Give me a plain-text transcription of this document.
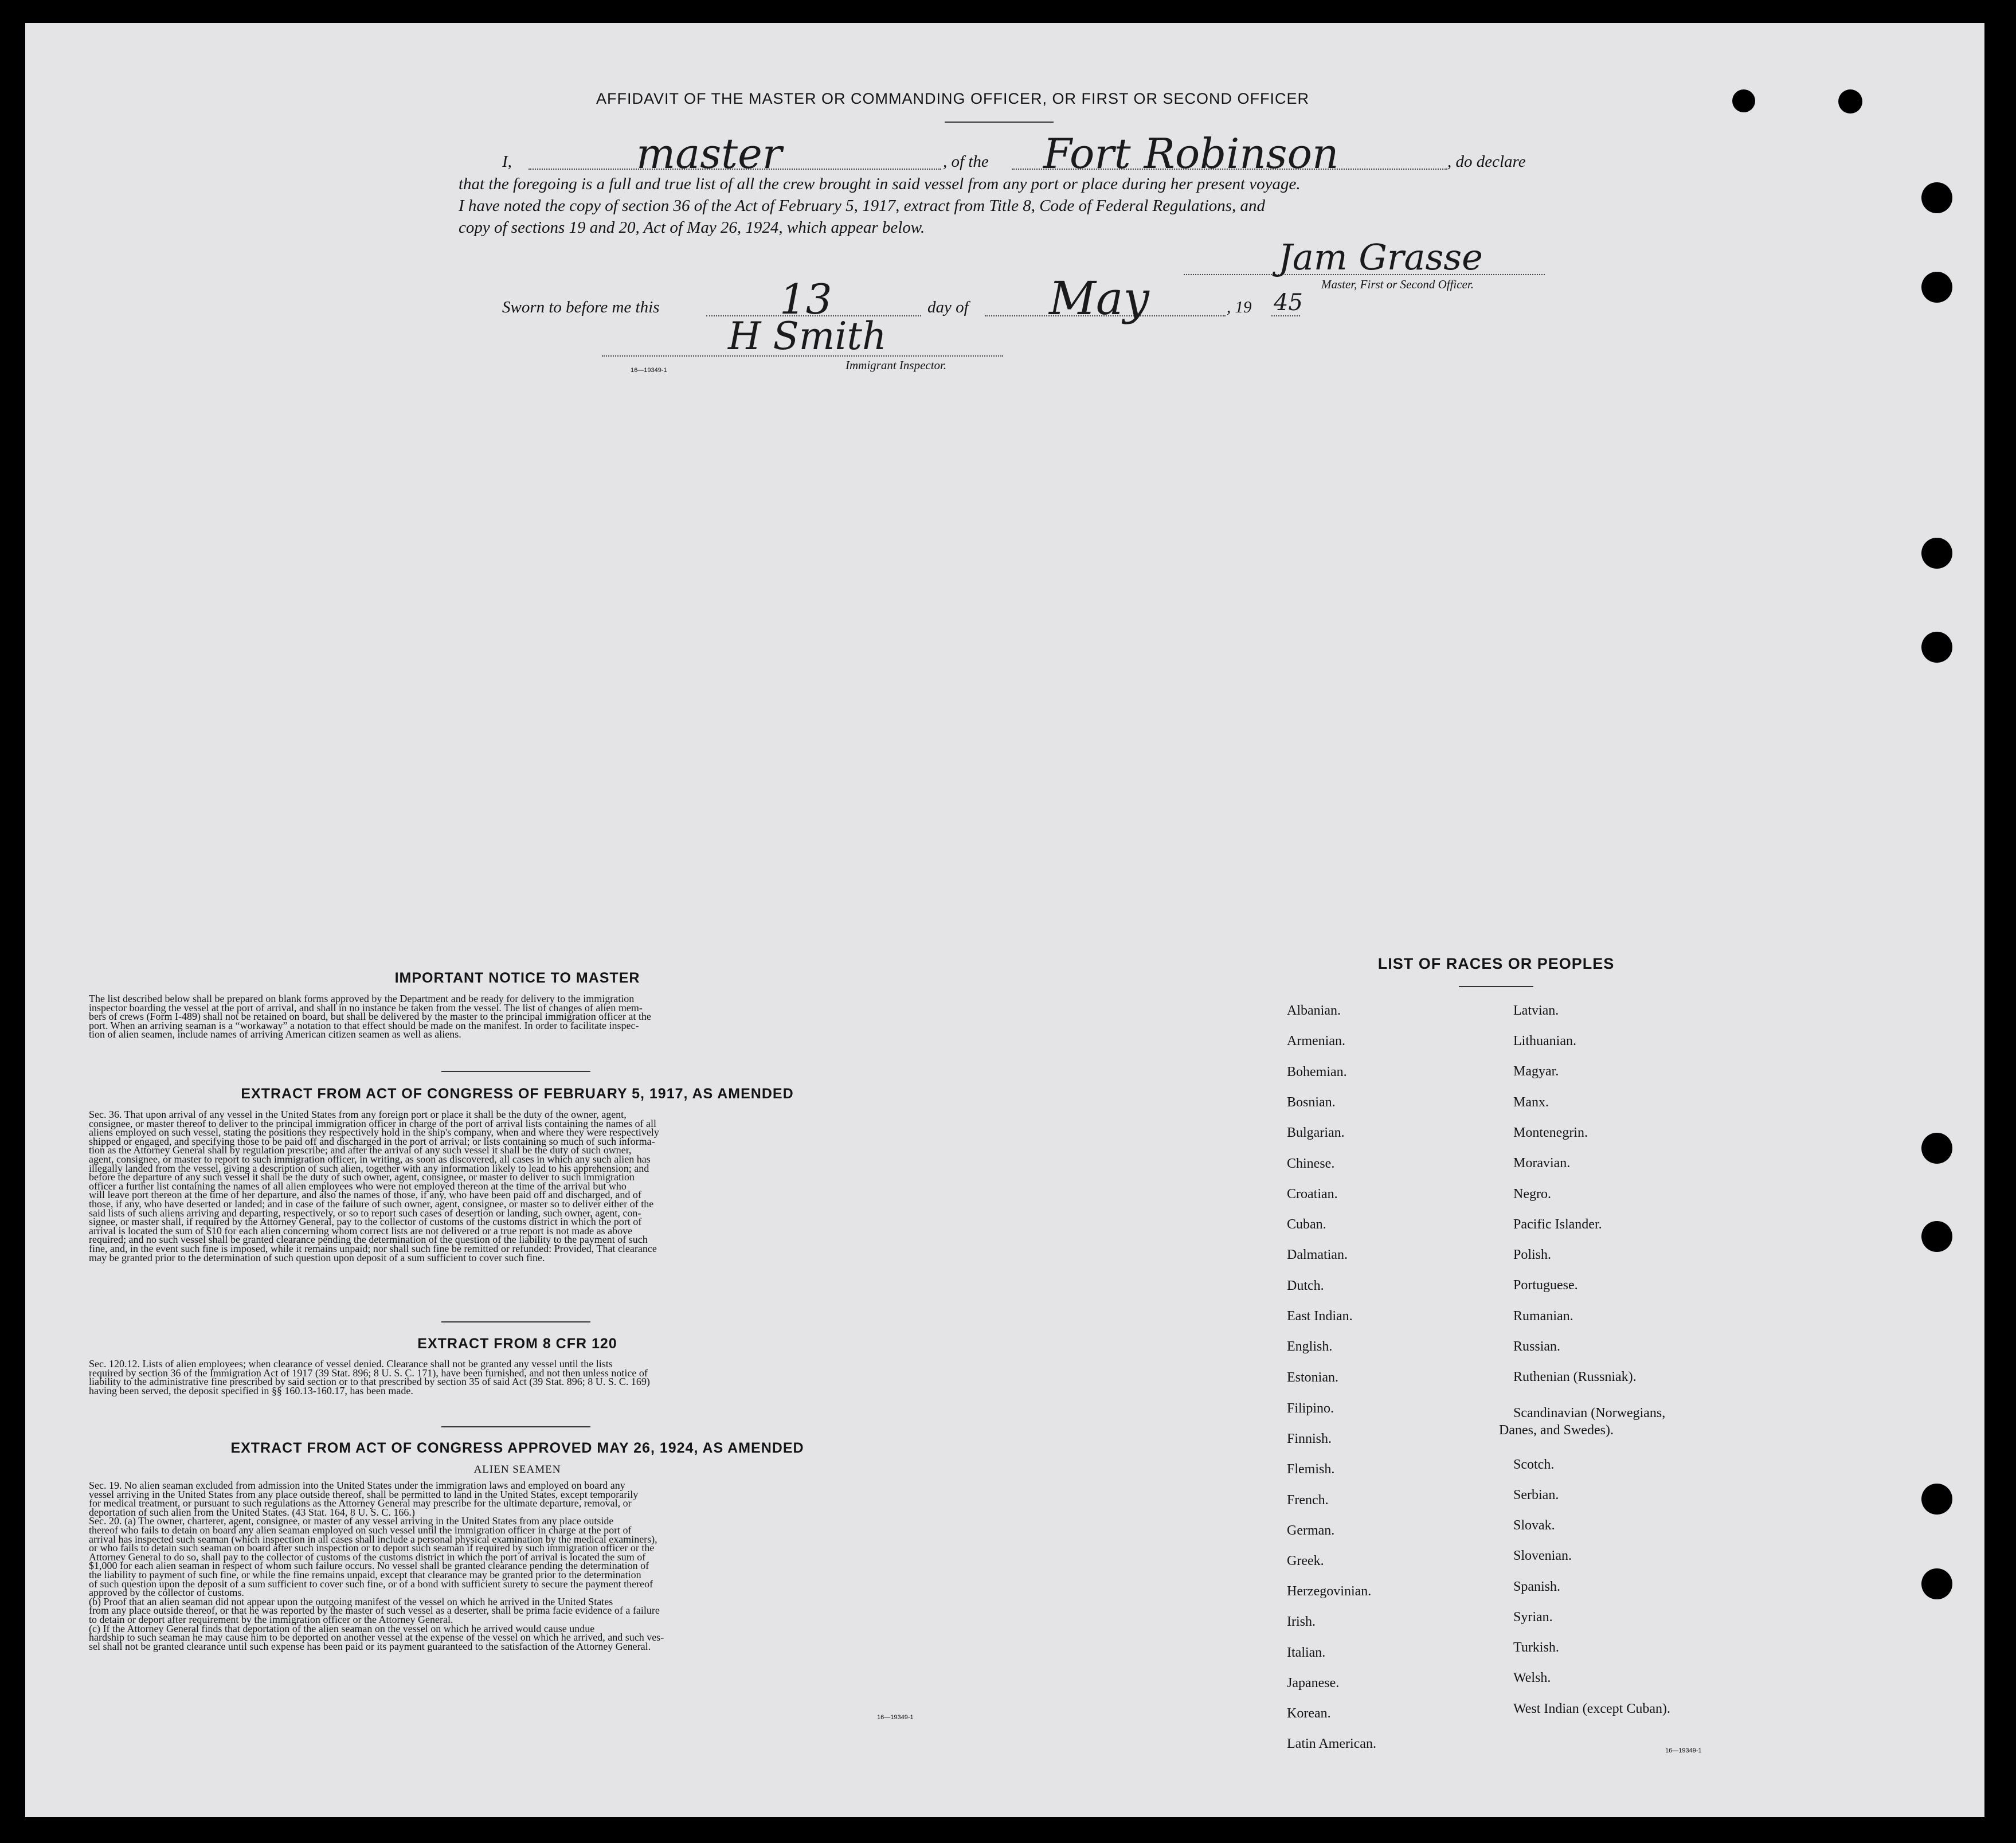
AFFIDAVIT OF THE MASTER OR COMMANDING OFFICER, OR FIRST OR SECOND OFFICER
I,	master	, of the Fort Robinson	, do declare
that the foregoing is a full and true list of all the crew brought in said vessel from any port or place during her present voyage.
I have noted the copy of section 36 of the Act of February 5, 1917, extract from Title 8, Code of Federal Regulations, and
copy of sections 19 and 20, Act of May 26, 1924, which appear below.
Jam Grasse
Master, First or Second Officer.
Sworn to before me this	13	day of May	, 19 45
H Smith
Immigrant Inspector.
16—19349-1
IMPORTANT NOTICE TO MASTER
The list described below shall be prepared on blank forms approved by the Department and be ready for delivery to the immigration
inspector boarding the vessel at the port of arrival, and shall in no instance be taken from the vessel. The list of changes of alien mem-
bers of crews (Form I-489) shall not be retained on board, but shall be delivered by the master to the principal immigration officer at the
port. When an arriving seaman is a “workaway” a notation to that effect should be made on the manifest. In order to facilitate inspec-
tion of alien seamen, include names of arriving American citizen seamen as well as aliens.
EXTRACT FROM ACT OF CONGRESS OF FEBRUARY 5, 1917, AS AMENDED
Sec. 36. That upon arrival of any vessel in the United States from any foreign port or place it shall be the duty of the owner, agent,
consignee, or master thereof to deliver to the principal immigration officer in charge of the port of arrival lists containing the names of all
aliens employed on such vessel, stating the positions they respectively hold in the ship's company, when and where they were respectively
shipped or engaged, and specifying those to be paid off and discharged in the port of arrival; or lists containing so much of such informa-
tion as the Attorney General shall by regulation prescribe; and after the arrival of any such vessel it shall be the duty of such owner,
agent, consignee, or master to report to such immigration officer, in writing, as soon as discovered, all cases in which any such alien has
illegally landed from the vessel, giving a description of such alien, together with any information likely to lead to his apprehension; and
before the departure of any such vessel it shall be the duty of such owner, agent, consignee, or master to deliver to such immigration
officer a further list containing the names of all alien employees who were not employed thereon at the time of the arrival but who
will leave port thereon at the time of her departure, and also the names of those, if any, who have been paid off and discharged, and of
those, if any, who have deserted or landed; and in case of the failure of such owner, agent, consignee, or master so to deliver either of the
said lists of such aliens arriving and departing, respectively, or so to report such cases of desertion or landing, such owner, agent, con-
signee, or master shall, if required by the Attorney General, pay to the collector of customs of the customs district in which the port of
arrival is located the sum of $10 for each alien concerning whom correct lists are not delivered or a true report is not made as above
required; and no such vessel shall be granted clearance pending the determination of the question of the liability to the payment of such
fine, and, in the event such fine is imposed, while it remains unpaid; nor shall such fine be remitted or refunded: Provided, That clearance
may be granted prior to the determination of such question upon deposit of a sum sufficient to cover such fine.
EXTRACT FROM 8 CFR 120
Sec. 120.12. Lists of alien employees; when clearance of vessel denied. Clearance shall not be granted any vessel until the lists
required by section 36 of the Immigration Act of 1917 (39 Stat. 896; 8 U. S. C. 171), have been furnished, and not then unless notice of
liability to the administrative fine prescribed by said section or to that prescribed by section 35 of said Act (39 Stat. 896; 8 U. S. C. 169)
having been served, the deposit specified in §§ 160.13-160.17, has been made.
EXTRACT FROM ACT OF CONGRESS APPROVED MAY 26, 1924, AS AMENDED
ALIEN SEAMEN
Sec. 19. No alien seaman excluded from admission into the United States under the immigration laws and employed on board any
vessel arriving in the United States from any place outside thereof, shall be permitted to land in the United States, except temporarily
for medical treatment, or pursuant to such regulations as the Attorney General may prescribe for the ultimate departure, removal, or
deportation of such alien from the United States. (43 Stat. 164, 8 U. S. C. 166.)
Sec. 20. (a) The owner, charterer, agent, consignee, or master of any vessel arriving in the United States from any place outside
thereof who fails to detain on board any alien seaman employed on such vessel until the immigration officer in charge at the port of
arrival has inspected such seaman (which inspection in all cases shall include a personal physical examination by the medical examiners),
or who fails to detain such seaman on board after such inspection or to deport such seaman if required by such immigration officer or the
Attorney General to do so, shall pay to the collector of customs of the customs district in which the port of arrival is located the sum of
$1,000 for each alien seaman in respect of whom such failure occurs. No vessel shall be granted clearance pending the determination of
the liability to payment of such fine, or while the fine remains unpaid, except that clearance may be granted prior to the determination
of such question upon the deposit of a sum sufficient to cover such fine, or of a bond with sufficient surety to secure the payment thereof
approved by the collector of customs.
(b) Proof that an alien seaman did not appear upon the outgoing manifest of the vessel on which he arrived in the United States
from any place outside thereof, or that he was reported by the master of such vessel as a deserter, shall be prima facie evidence of a failure
to detain or deport after requirement by the immigration officer or the Attorney General.
(c) If the Attorney General finds that deportation of the alien seaman on the vessel on which he arrived would cause undue
hardship to such seaman he may cause him to be deported on another vessel at the expense of the vessel on which he arrived, and such ves-
sel shall not be granted clearance until such expense has been paid or its payment guaranteed to the satisfaction of the Attorney General.
16—19349-1
LIST OF RACES OR PEOPLES
Albanian.
Armenian.
Bohemian.
Bosnian.
Bulgarian.
Chinese.
Croatian.
Cuban.
Dalmatian.
Dutch.
East Indian.
English.
Estonian.
Filipino.
Finnish.
Flemish.
French.
German.
Greek.
Herzegovinian.
Irish.
Italian.
Japanese.
Korean.
Latin American.
Latvian.
Lithuanian.
Magyar.
Manx.
Montenegrin.
Moravian.
Negro.
Pacific Islander.
Polish.
Portuguese.
Rumanian.
Russian.
Ruthenian (Russniak).
Scandinavian (Norwegians,
Danes, and Swedes).
Scotch.
Serbian.
Slovak.
Slovenian.
Spanish.
Syrian.
Turkish.
Welsh.
West Indian (except Cuban).
16—19349-1
